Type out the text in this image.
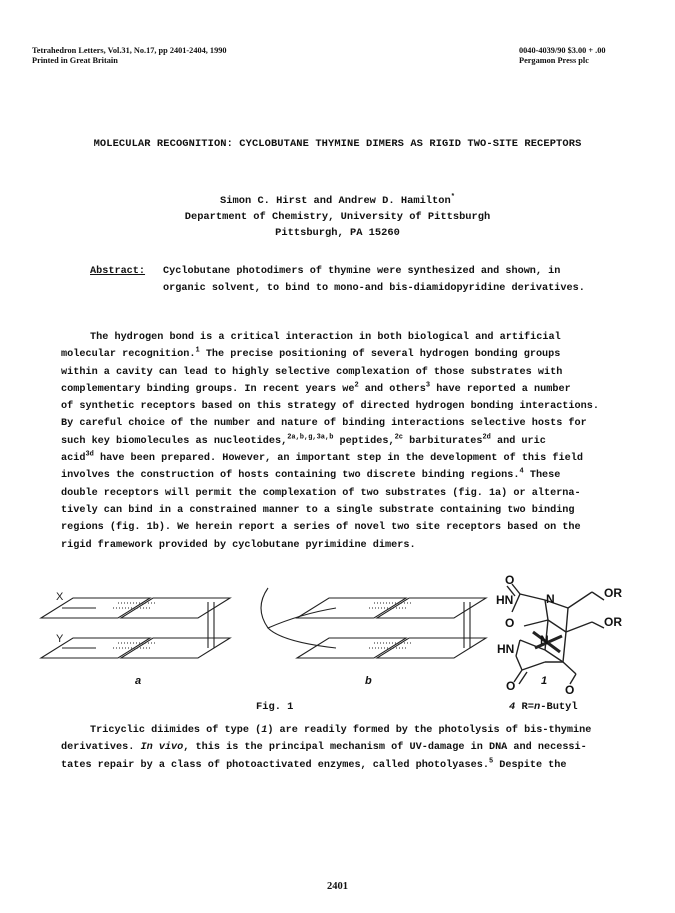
Tetrahedron Letters, Vol.31, No.17, pp 2401-2404, 1990
Printed in Great Britain
0040-4039/90 $3.00 + .00
Pergamon Press plc
MOLECULAR RECOGNITION: CYCLOBUTANE THYMINE DIMERS AS RIGID TWO-SITE RECEPTORS
Simon C. Hirst and Andrew D. Hamilton*
Department of Chemistry, University of Pittsburgh
Pittsburgh, PA 15260
Abstract: Cyclobutane photodimers of thymine were synthesized and shown, in
organic solvent, to bind to mono-and bis-diamidopyridine derivatives.
The hydrogen bond is a critical interaction in both biological and artificial
molecular recognition.$^1$ The precise positioning of several hydrogen bonding groups
within a cavity can lead to highly selective complexation of those substrates with
complementary binding groups. In recent years $we^2$ and others$^3$ have reported a number
of synthetic receptors based on this strategy of directed hydrogen bonding interactions.
By careful choice of the number and nature of binding interactions selective hosts for
such key biomolecules as nucleotides,$^{2a,b,g,3a,b}$ peptides,$^{2c}$ barbiturates$^{2d}$ and uric
acid$^{3d}$ have been prepared. However, an important step in the development of this field
involves the construction of hosts containing two discrete binding regions.$^4$ These
double receptors will permit the complexation of two substrates (fig. 1a) or alterna-
tively can bind in a constrained manner to a single substrate containing two binding
regions (fig. 1b). We herein report a series of novel two site receptors based on the
rigid framework provided by cyclobutane pyrimidine dimers.
X
Y
HN
HN
N
N
O
O
O	O
OR
OR
a	b	1
Fig. 1	4 R=n-Butyl
Tricyclic diimides of type (1) are readily formed by the photolysis of bis-thymine
derivatives. In vivo, this is the principal mechanism of UV-damage in DNA and necessi-
tates repair by a class of photoactivated enzymes, called photolyases.$^5$ Despite the
2401
